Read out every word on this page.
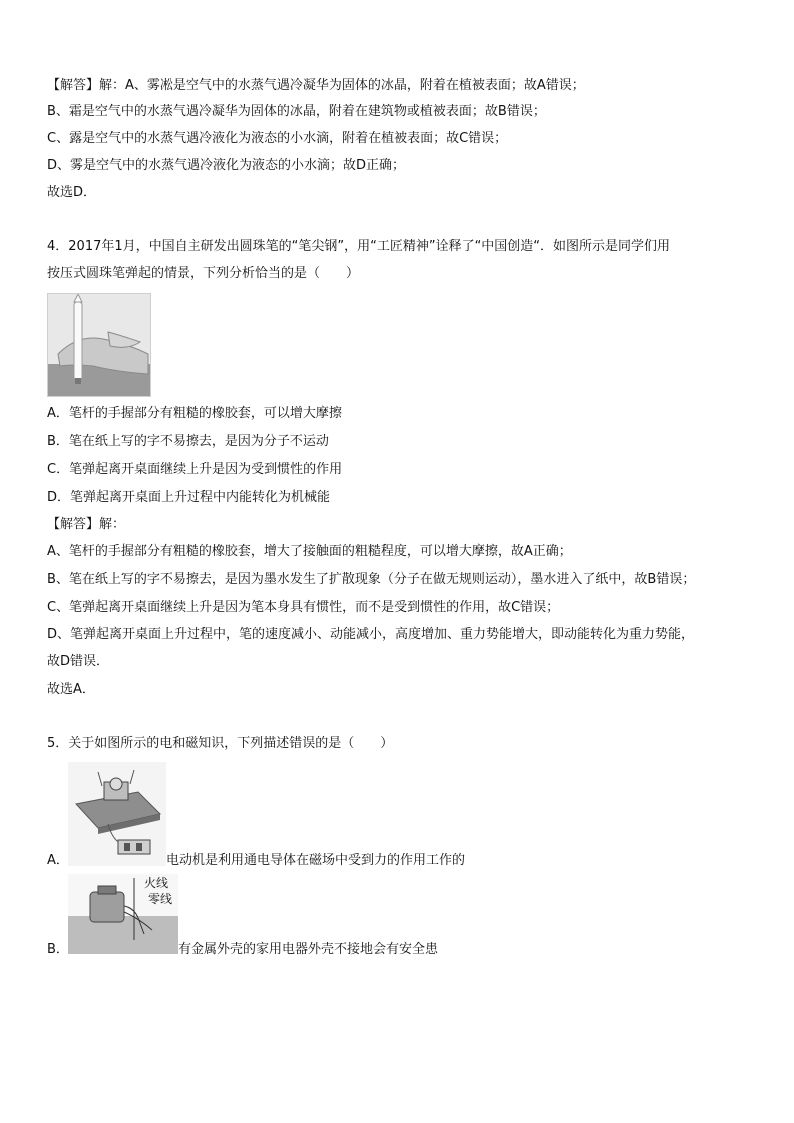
【解答】解：A、雾凇是空气中的水蒸气遇冷凝华为固体的冰晶，附着在植被表面；故A错误；
B、霜是空气中的水蒸气遇冷凝华为固体的冰晶，附着在建筑物或植被表面；故B错误；
C、露是空气中的水蒸气遇冷液化为液态的小水滴，附着在植被表面；故C错误；
D、雾是空气中的水蒸气遇冷液化为液态的小水滴；故D正确；
故选D．
4．2017年1月，中国自主研发出圆珠笔的“笔尖钢”，用“工匠精神”诠释了“中国创造“．如图所示是同学们用
按压式圆珠笔弹起的情景，下列分析恰当的是（　　）
A．笔杆的手握部分有粗糙的橡胶套，可以增大摩擦
B．笔在纸上写的字不易擦去，是因为分子不运动
C．笔弹起离开桌面继续上升是因为受到惯性的作用
D．笔弹起离开桌面上升过程中内能转化为机械能
【解答】解：
A、笔杆的手握部分有粗糙的橡胶套，增大了接触面的粗糙程度，可以增大摩擦，故A正确；
B、笔在纸上写的字不易擦去，是因为墨水发生了扩散现象（分子在做无规则运动），墨水进入了纸中，故B错误；
C、笔弹起离开桌面继续上升是因为笔本身具有惯性，而不是受到惯性的作用，故C错误；
D、笔弹起离开桌面上升过程中，笔的速度减小、动能减小，高度增加、重力势能增大，即动能转化为重力势能，
故D错误．
故选A．
5．关于如图所示的电和磁知识，下列描述错误的是（　　）
A．	电动机是利用通电导体在磁场中受到力的作用工作的
火线
零线
B．	有金属外壳的家用电器外壳不接地会有安全患
